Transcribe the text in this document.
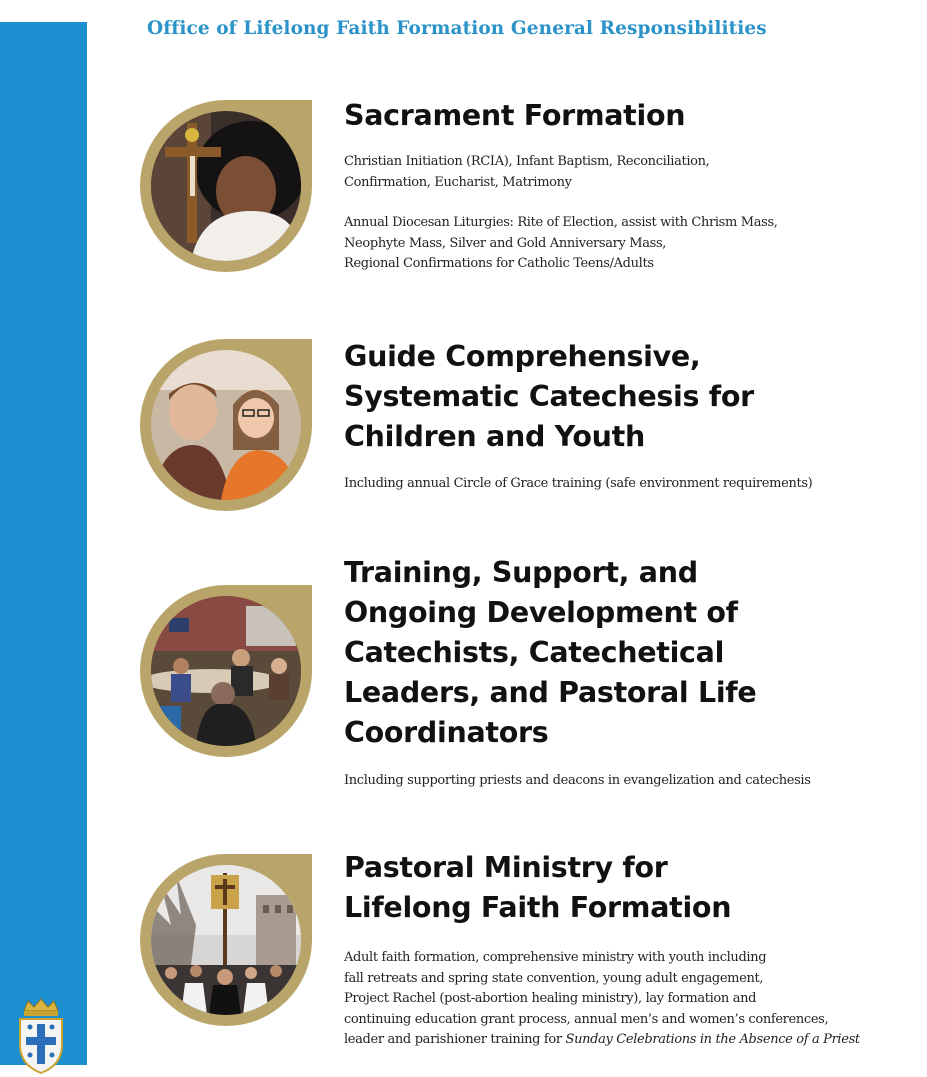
Office of Lifelong Faith Formation General Responsibilities
Sacrament Formation
Christian Initiation (RCIA), Infant Baptism, Reconciliation,
Confirmation, Eucharist, Matrimony
Annual Diocesan Liturgies: Rite of Election, assist with Chrism Mass,
Neophyte Mass, Silver and Gold Anniversary Mass,
Regional Confirmations for Catholic Teens/Adults
Guide Comprehensive,
Systematic Catechesis for
Children and Youth
Including annual Circle of Grace training (safe environment requirements)
Training, Support, and
Ongoing Development of
Catechists, Catechetical
Leaders, and Pastoral Life
Coordinators
Including supporting priests and deacons in evangelization and catechesis
Pastoral Ministry for
Lifelong Faith Formation
Adult faith formation, comprehensive ministry with youth including
fall retreats and spring state convention, young adult engagement,
Project Rachel (post-abortion healing ministry), lay formation and
continuing education grant process, annual men’s and women’s conferences,
leader and parishioner training for Sunday Celebrations in the Absence of a Priest
